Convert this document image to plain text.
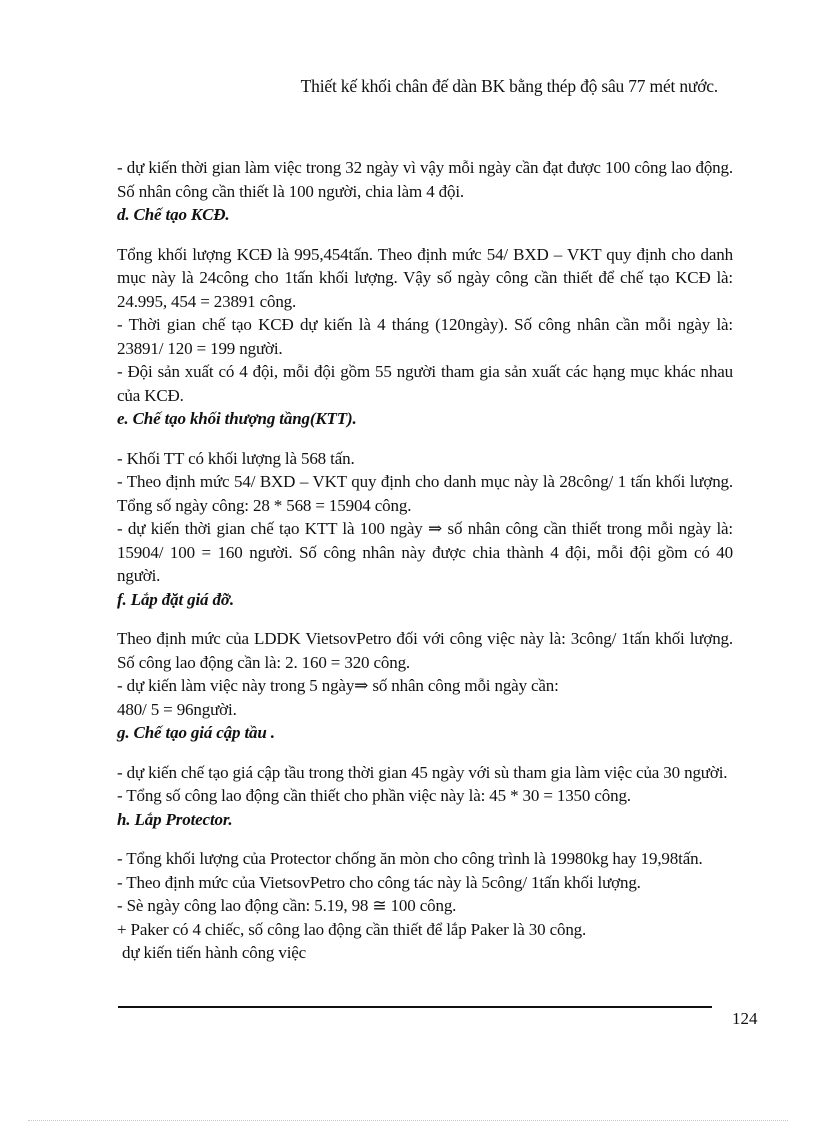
Thiết kế khối chân đế dàn BK bằng thép độ sâu 77 mét nước.

- dự kiến thời gian làm việc trong 32 ngày vì vậy mỗi ngày cần đạt được 100 công lao động. Số nhân công cần thiết là 100 người, chia làm 4 đội.

d. Chế tạo KCĐ.

Tổng khối lượng KCĐ là 995,454tấn. Theo định mức 54/ BXD – VKT quy định cho danh mục này là 24công cho 1tấn khối lượng. Vậy số ngày công cần thiết để chế tạo KCĐ là: 24.995, 454 = 23891 công.

- Thời gian chế tạo KCĐ dự kiến là 4 tháng (120ngày). Số công nhân cần mỗi ngày là: 23891/ 120 = 199 người.

- Đội sản xuất có 4 đội, mỗi đội gồm 55 người tham gia sản xuất các hạng mục khác nhau của KCĐ.

e. Chế tạo khối thượng tầng(KTT).

- Khối TT có khối lượng là 568 tấn.

- Theo định mức 54/ BXD – VKT quy định cho danh mục này là 28công/ 1 tấn khối lượng. Tổng số ngày công: 28 * 568 = 15904 công.

- dự kiến thời gian chế tạo KTT là 100 ngày ⇒ số nhân công cần thiết trong mỗi ngày là: 15904/ 100 = 160 người. Số công nhân này được chia thành 4 đội, mỗi đội gồm có 40 người.

f. Lắp đặt giá đỡ.

Theo định mức của LDDK VietsovPetro đối với công việc này là: 3công/ 1tấn khối lượng. Số công lao động cần là: 2. 160 = 320 công.

- dự kiến làm việc này trong 5 ngày⇒ số nhân công mỗi ngày cần:

480/ 5 = 96người.

g. Chế tạo giá cập tầu .

- dự kiến chế tạo giá cập tầu trong thời gian 45 ngày với sù tham gia làm việc của 30 người.

- Tổng số công lao động cần thiết cho phần việc này là: 45 * 30 = 1350 công.

h. Lắp Protector.

- Tổng khối lượng của Protector chống ăn mòn cho công trình là 19980kg hay 19,98tấn.

- Theo định mức của VietsovPetro cho công tác này là 5công/ 1tấn khối lượng.

- Sè ngày công lao động cần: 5.19, 98 ≅ 100 công.

+ Paker có 4 chiếc, số công lao động cần thiết để lắp Paker là 30 công.

dự kiến tiến hành công việc

124
